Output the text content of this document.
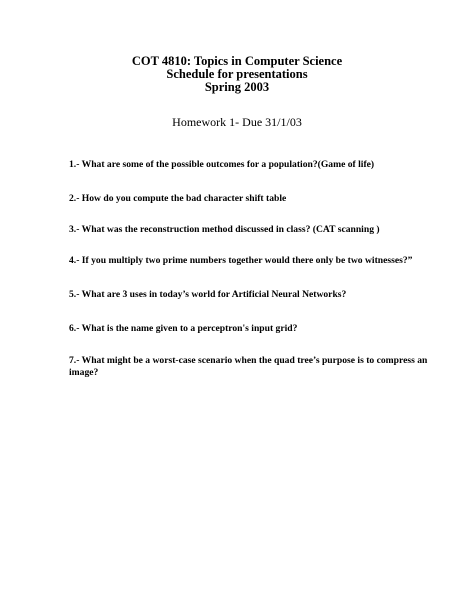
COT 4810: Topics in Computer Science
Schedule for presentations
Spring 2003
Homework 1- Due 31/1/03
1.- What are some of the possible outcomes for a population?(Game of life)
2.- How do you compute the bad character shift table
3.- What was the reconstruction method discussed in class? (CAT scanning )
4.- If you multiply two prime numbers together would there only be two witnesses?”
5.- What are 3 uses in today’s world for Artificial Neural Networks?
6.- What is the name given to a perceptron's input grid?
7.- What might be a worst-case scenario when the quad tree’s purpose is to compress an image?
